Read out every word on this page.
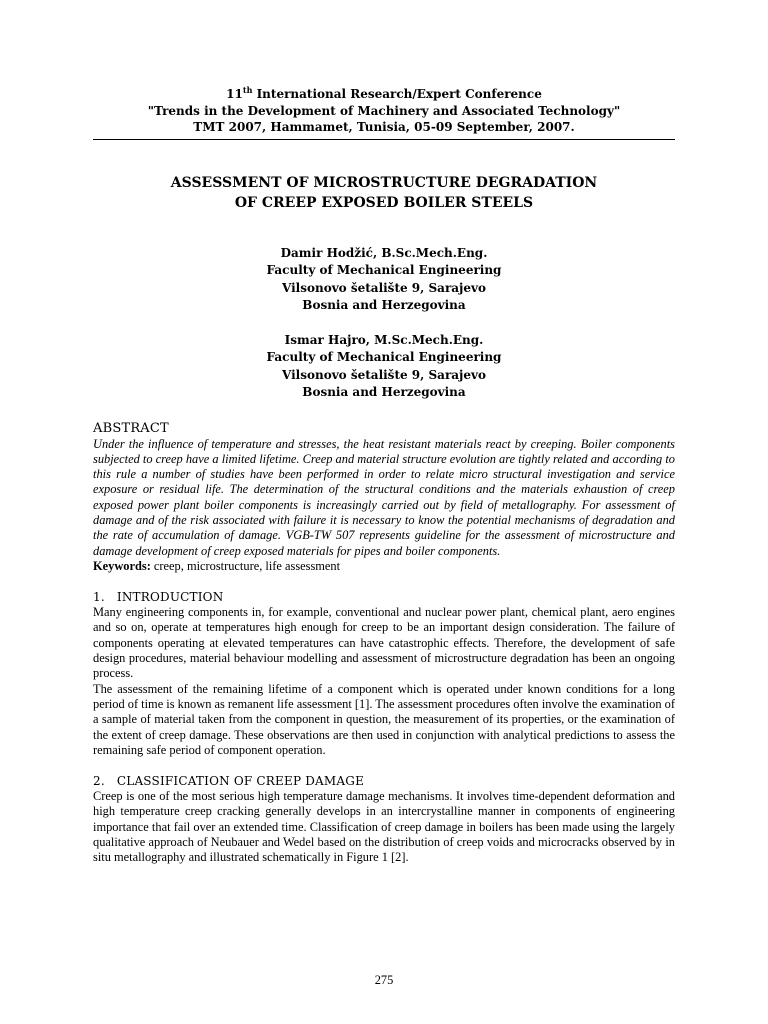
11th International Research/Expert Conference
"Trends in the Development of Machinery and Associated Technology"
TMT 2007, Hammamet, Tunisia, 05-09 September, 2007.
ASSESSMENT OF MICROSTRUCTURE DEGRADATION
OF CREEP EXPOSED BOILER STEELS
Damir Hodžić, B.Sc.Mech.Eng.
Faculty of Mechanical Engineering
Vilsonovo šetalište 9, Sarajevo
Bosnia and Herzegovina
Ismar Hajro, M.Sc.Mech.Eng.
Faculty of Mechanical Engineering
Vilsonovo šetalište 9, Sarajevo
Bosnia and Herzegovina
ABSTRACT
Under the influence of temperature and stresses, the heat resistant materials react by creeping. Boiler components subjected to creep have a limited lifetime. Creep and material structure evolution are tightly related and according to this rule a number of studies have been performed in order to relate micro structural investigation and service exposure or residual life. The determination of the structural conditions and the materials exhaustion of creep exposed power plant boiler components is increasingly carried out by field of metallography. For assessment of damage and of the risk associated with failure it is necessary to know the potential mechanisms of degradation and the rate of accumulation of damage. VGB-TW 507 represents guideline for the assessment of microstructure and damage development of creep exposed materials for pipes and boiler components.
Keywords: creep, microstructure, life assessment
1.   INTRODUCTION

Many engineering components in, for example, conventional and nuclear power plant, chemical plant, aero engines and so on, operate at temperatures high enough for creep to be an important design consideration. The failure of components operating at elevated temperatures can have catastrophic effects. Therefore, the development of safe design procedures, material behaviour modelling and assessment of microstructure degradation has been an ongoing process.

The assessment of the remaining lifetime of a component which is operated under known conditions for a long period of time is known as remanent life assessment [1]. The assessment procedures often involve the examination of a sample of material taken from the component in question, the measurement of its properties, or the examination of the extent of creep damage. These observations are then used in conjunction with analytical predictions to assess the remaining safe period of component operation.

2.   CLASSIFICATION OF CREEP DAMAGE

Creep is one of the most serious high temperature damage mechanisms. It involves time-dependent deformation and high temperature creep cracking generally develops in an intercrystalline manner in components of engineering importance that fail over an extended time. Classification of creep damage in boilers has been made using the largely qualitative approach of Neubauer and Wedel based on the distribution of creep voids and microcracks observed by in situ metallography and illustrated schematically in Figure 1 [2].

275
